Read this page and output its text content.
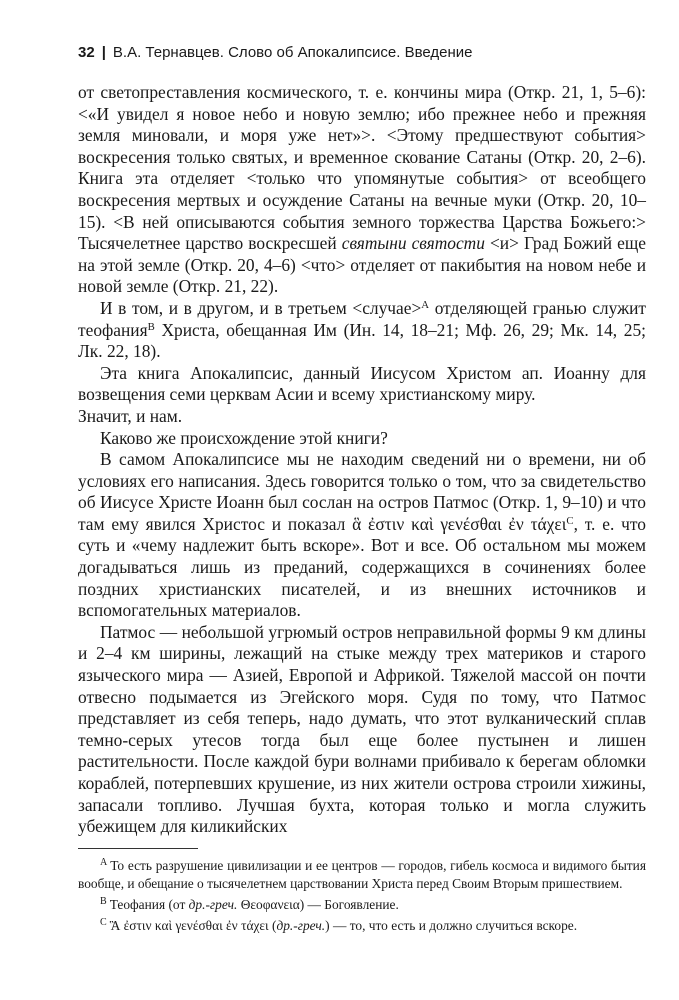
32 | В.А. Тернавцев. Слово об Апокалипсисе. Введение

от светопреставления космического, т. е. кончины мира (Откр. 21, 1, 5–6): <«И увидел я новое небо и новую землю; ибо прежнее небо и прежняя земля миновали, и моря уже нет»>. <Этому предшествуют события> воскресения только святых, и временное скование Сатаны (Откр. 20, 2–6). Книга эта отделяет <только что упомянутые события> от всеобщего воскресения мертвых и осуждение Сатаны на вечные муки (Откр. 20, 10–15). <В ней описываются события земного торжества Царства Божьего:> Тысячелетнее царство воскресшей святыни святости <и> Град Божий еще на этой земле (Откр. 20, 4–6) <что> отделяет от пакибытия на новом небе и новой земле (Откр. 21, 22).

И в том, и в другом, и в третьем <случае>$^A$ отделяющей гранью служит теофания$^B$ Христа, обещанная Им (Ин. 14, 18–21; Мф. 26, 29; Мк. 14, 25; Лк. 22, 18).

Эта книга Апокалипсис, данный Иисусом Христом ап. Иоанну для возвещения семи церквам Асии и всему христианскому миру.

Значит, и нам.

Каково же происхождение этой книги?

В самом Апокалипсисе мы не находим сведений ни о времени, ни об условиях его написания. Здесь говорится только о том, что за свидетельство об Иисусе Христе Иоанн был сослан на остров Патмос (Откр. 1, 9–10) и что там ему явился Христос и показал ἃ ἐστιν καὶ γενέσθαι ἐν τάχει$^C$, т. е. что суть и «чему надлежит быть вскоре». Вот и все. Об остальном мы можем догадываться лишь из преданий, содержащихся в сочинениях более поздних христианских писателей, и из внешних источников и вспомогательных материалов.

Патмос — небольшой угрюмый остров неправильной формы 9 км длины и 2–4 км ширины, лежащий на стыке между трех материков и старого языческого мира — Азией, Европой и Африкой. Тяжелой массой он почти отвесно подымается из Эгейского моря. Судя по тому, что Патмос представляет из себя теперь, надо думать, что этот вулканический сплав темно-серых утесов тогда был еще более пустынен и лишен растительности. После каждой бури волнами прибивало к берегам обломки кораблей, потерпевших крушение, из них жители острова строили хижины, запасали топливо. Лучшая бухта, которая только и могла служить убежищем для киликийских

$^A$ То есть разрушение цивилизации и ее центров — городов, гибель космоса и видимого бытия вообще, и обещание о тысячелетнем царствовании Христа перед Своим Вторым пришествием.

$^B$ Теофания (от др.-греч. Θεοφανεια) — Богоявление.

$^C$ Ἃ ἐστιν καὶ γενέσθαι ἐν τάχει (др.-греч.) — то, что есть и должно случиться вскоре.
